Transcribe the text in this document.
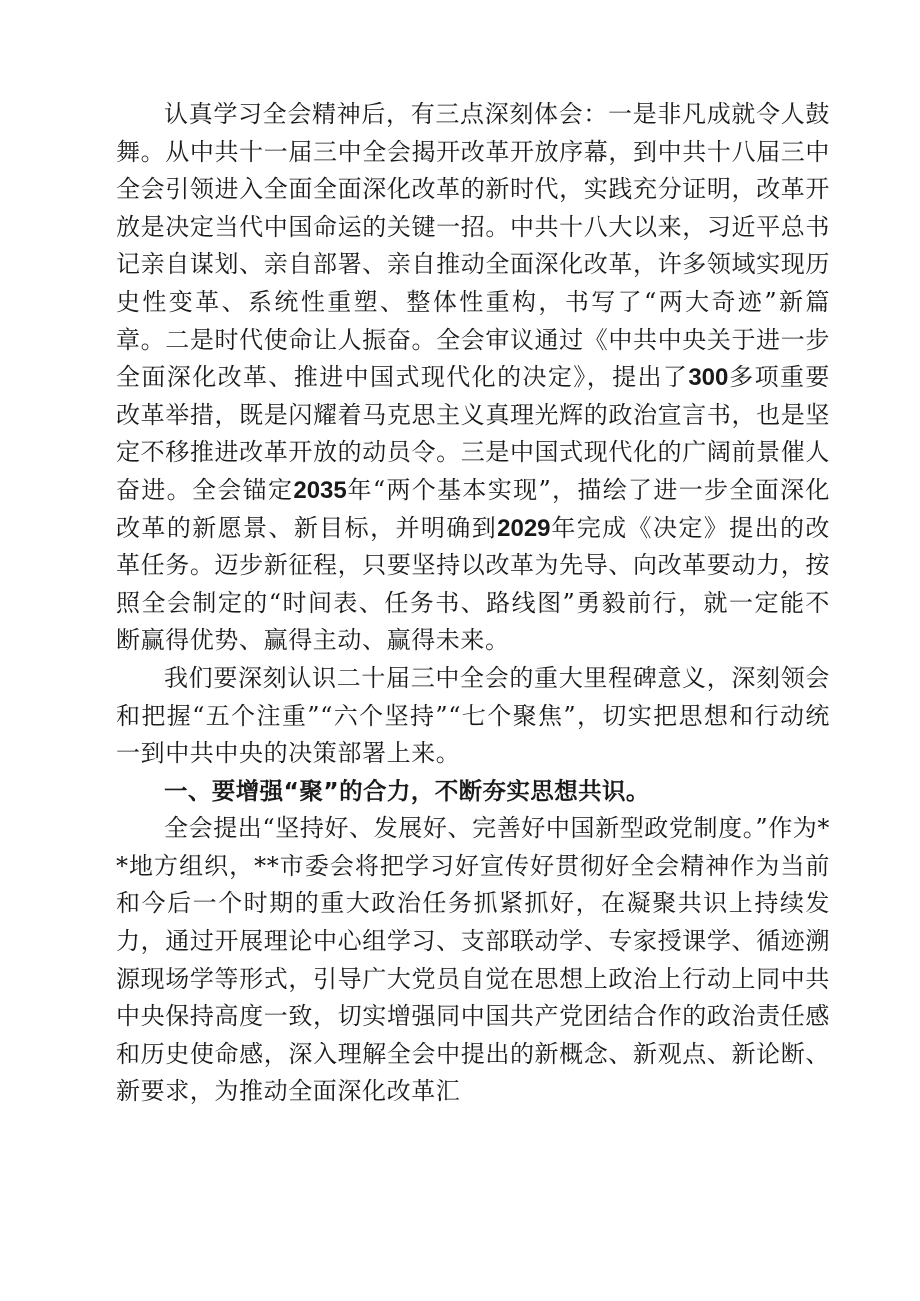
认真学习全会精神后，有三点深刻体会：一是非凡成就令人鼓舞。从中共十一届三中全会揭开改革开放序幕，到中共十八届三中全会引领进入全面全面深化改革的新时代，实践充分证明，改革开放是决定当代中国命运的关键一招。中共十八大以来，习近平总书记亲自谋划、亲自部署、亲自推动全面深化改革，许多领域实现历史性变革、系统性重塑、整体性重构，书写了“两大奇迹”新篇章。二是时代使命让人振奋。全会审议通过《中共中央关于进一步全面深化改革、推进中国式现代化的决定》，提出了300多项重要改革举措，既是闪耀着马克思主义真理光辉的政治宣言书，也是坚定不移推进改革开放的动员令。三是中国式现代化的广阔前景催人奋进。全会锚定2035年“两个基本实现”，描绘了进一步全面深化改革的新愿景、新目标，并明确到2029年完成《决定》提出的改革任务。迈步新征程，只要坚持以改革为先导、向改革要动力，按照全会制定的“时间表、任务书、路线图”勇毅前行，就一定能不断赢得优势、赢得主动、赢得未来。

我们要深刻认识二十届三中全会的重大里程碑意义，深刻领会和把握“五个注重”“六个坚持”“七个聚焦”，切实把思想和行动统一到中共中央的决策部署上来。

一、要增强“聚”的合力，不断夯实思想共识。

全会提出“坚持好、发展好、完善好中国新型政党制度。”作为**地方组织，**市委会将把学习好宣传好贯彻好全会精神作为当前和今后一个时期的重大政治任务抓紧抓好，在凝聚共识上持续发力，通过开展理论中心组学习、支部联动学、专家授课学、循迹溯源现场学等形式，引导广大党员自觉在思想上政治上行动上同中共中央保持高度一致，切实增强同中国共产党团结合作的政治责任感和历史使命感，深入理解全会中提出的新概念、新观点、新论断、新要求，为推动全面深化改革汇
